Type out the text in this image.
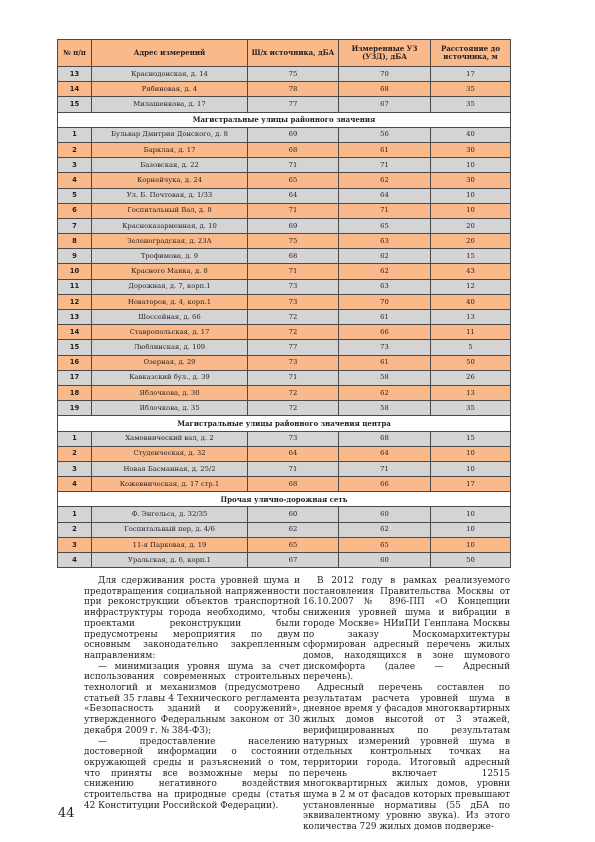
№ п/п	Адрес измерений	Ш/х источника, дБА	Измеренные УЗ (УЗД), дБА	Расстояние до источника, м
13	Краснодонская, д. 14	75	70	17
14	Рябиновая, д. 4	78	68	35
15	Милашенкова, д. 17	77	67	35
Магистральные улицы районного значения				
1	Бульвар Дмитрия Донского, д. 8	69	56	40
2	Барклая, д. 17	68	61	30
3	Базовская, д. 22	71	71	10
4	Корнейчука, д. 24	65	62	30
5	Ул. Б. Почтовая, д. 1/33	64	64	10
6	Госпитальный Вал, д. 8	71	71	10
7	Красноказарменная, д. 10	69	65	20
8	Зеленоградская, д. 23А	75	63	20
9	Трофимова, д. 9	68	62	15
10	Красного Маяка, д. 8	71	62	43
11	Дорожная, д. 7, корп.1	73	63	12
12	Новаторов, д. 4, корп.1	73	70	40
13	Шоссейная, д. 66	72	61	13
14	Ставропольская, д. 17	72	66	11
15	Люблинская, д. 109	77	73	5
16	Озерная, д. 29	73	61	50
17	Кавказский бул., д. 39	71	58	26
18	Яблочкова, д. 30	72	62	13
19	Яблочкова, д. 35	72	58	35
Магистральные улицы районного значения центра				
1	Хамовнический вал, д. 2	73	68	15
2	Студенческая, д. 32	64	64	10
3	Новая Басманная, д. 25/2	71	71	10
4	Кожевническая, д. 17 стр.1	68	66	17
Прочая улично-дорожная сеть				
1	Ф. Энгельса, д. 32/35	60	60	10
2	Госпитальный пер, д. 4/6	62	62	10
3	11-я Парковая, д. 19	65	65	10
4	Уральская, д. 6, корп.1	67	60	50

Для сдерживания роста уровней шума и предотвращения социальной напряженности при реконструкции объектов транспортной инфраструктуры города необходимо, чтобы проектами реконструкции были предусмотрены мероприятия по двум основным законодательно закрепленным направлениям:

— минимизация уровня шума за счет использования современных строительных технологий и механизмов (предусмотрено статьей 35 главы 4 Технического регламента «Безопасность зданий и сооружений», утвержденного Федеральным законом от 30 декабря 2009 г. № 384-ФЗ);

— предоставление населению достоверной информации о состоянии окружающей среды и разъяснений о том, что приняты все возможные меры по снижению негативного воздействия строительства на природные среды (статья 42 Конституции Российской Федерации).

В 2012 году в рамках реализуемого постановления Правительства Москвы от 16.10.2007 № 896-ПП «О Концепции снижения уровней шума и вибрации в городе Москве» НИиПИ Генплана Москвы по заказу Москомархитектуры сформирован адресный перечень жилых домов, находящихся в зоне шумового дискомфорта (далее — Адресный перечень).

Адресный перечень составлен по результатам расчета уровней шума в дневное время у фасадов многоквартирных жилых домов высотой от 3 этажей, верифицированных по результатам натурных измерений уровней шума в отдельных контрольных точках на территории города. Итоговый адресный перечень включает 12515 многоквартирных жилых домов, уровни шума в 2 м от фасадов которых превышают установленные нормативы (55 дБА по эквивалентному уровню звука). Из этого количества 729 жилых домов подверже-

44
